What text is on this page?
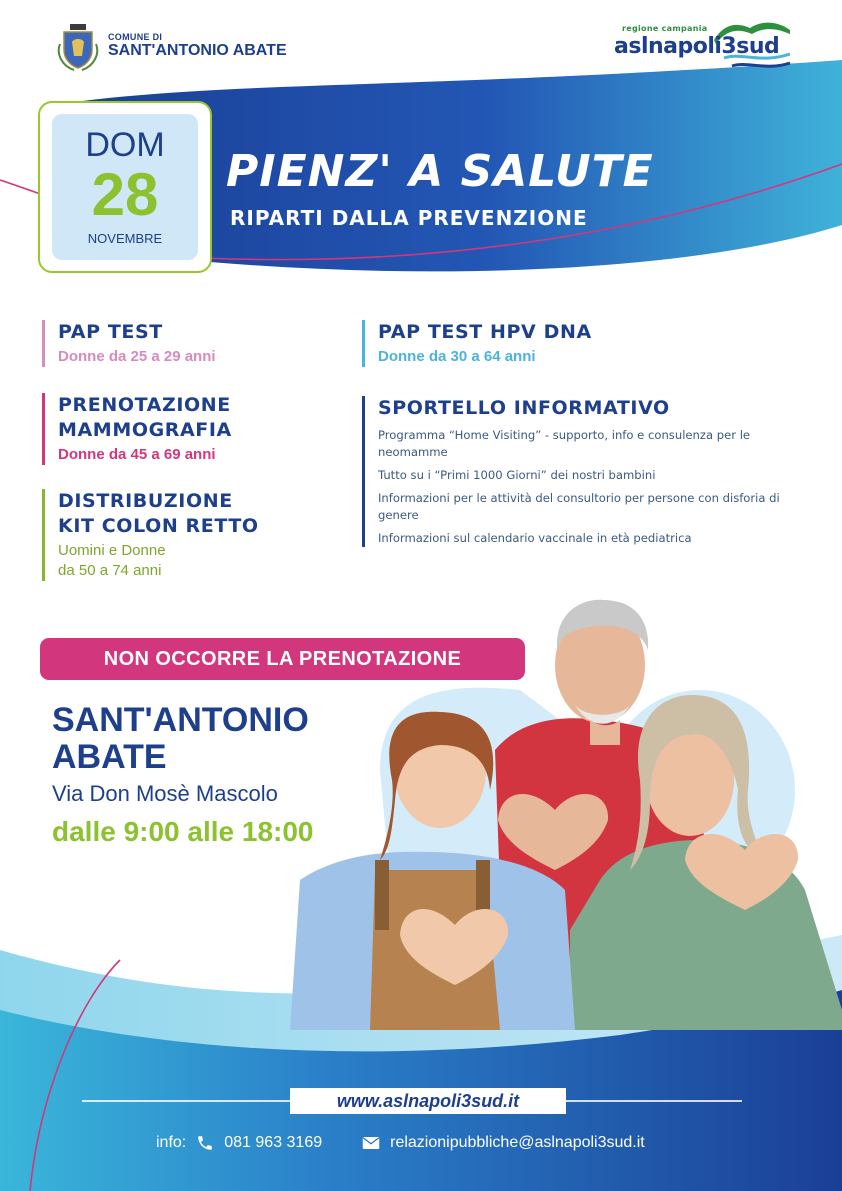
COMUNE DI
SANT'ANTONIO ABATE
regione campania
aslnapoli3sud
DOM
28
NOVEMBRE
PIENZ' A SALUTE
RIPARTI DALLA PREVENZIONE
PAP TEST
Donne da 25 a 29 anni
PAP TEST HPV DNA
Donne da 30 a 64 anni
PRENOTAZIONE
MAMMOGRAFIA
Donne da 45 a 69 anni
DISTRIBUZIONE
KIT COLON RETTO
Uomini e Donne
da 50 a 74 anni
SPORTELLO INFORMATIVO
Programma “Home Visiting” - supporto, info e consulenza per le neomamme
Tutto su i “Primi 1000 Giorni” dei nostri bambini
Informazioni per le attività del consultorio per persone con disforia di genere
Informazioni sul calendario vaccinale in età pediatrica
NON OCCORRE LA PRENOTAZIONE
SANT'ANTONIO ABATE
Via Don Mosè Mascolo
dalle 9:00 alle 18:00
www.aslnapoli3sud.it
info: 081 963 3169	relazionipubbliche@aslnapoli3sud.it
